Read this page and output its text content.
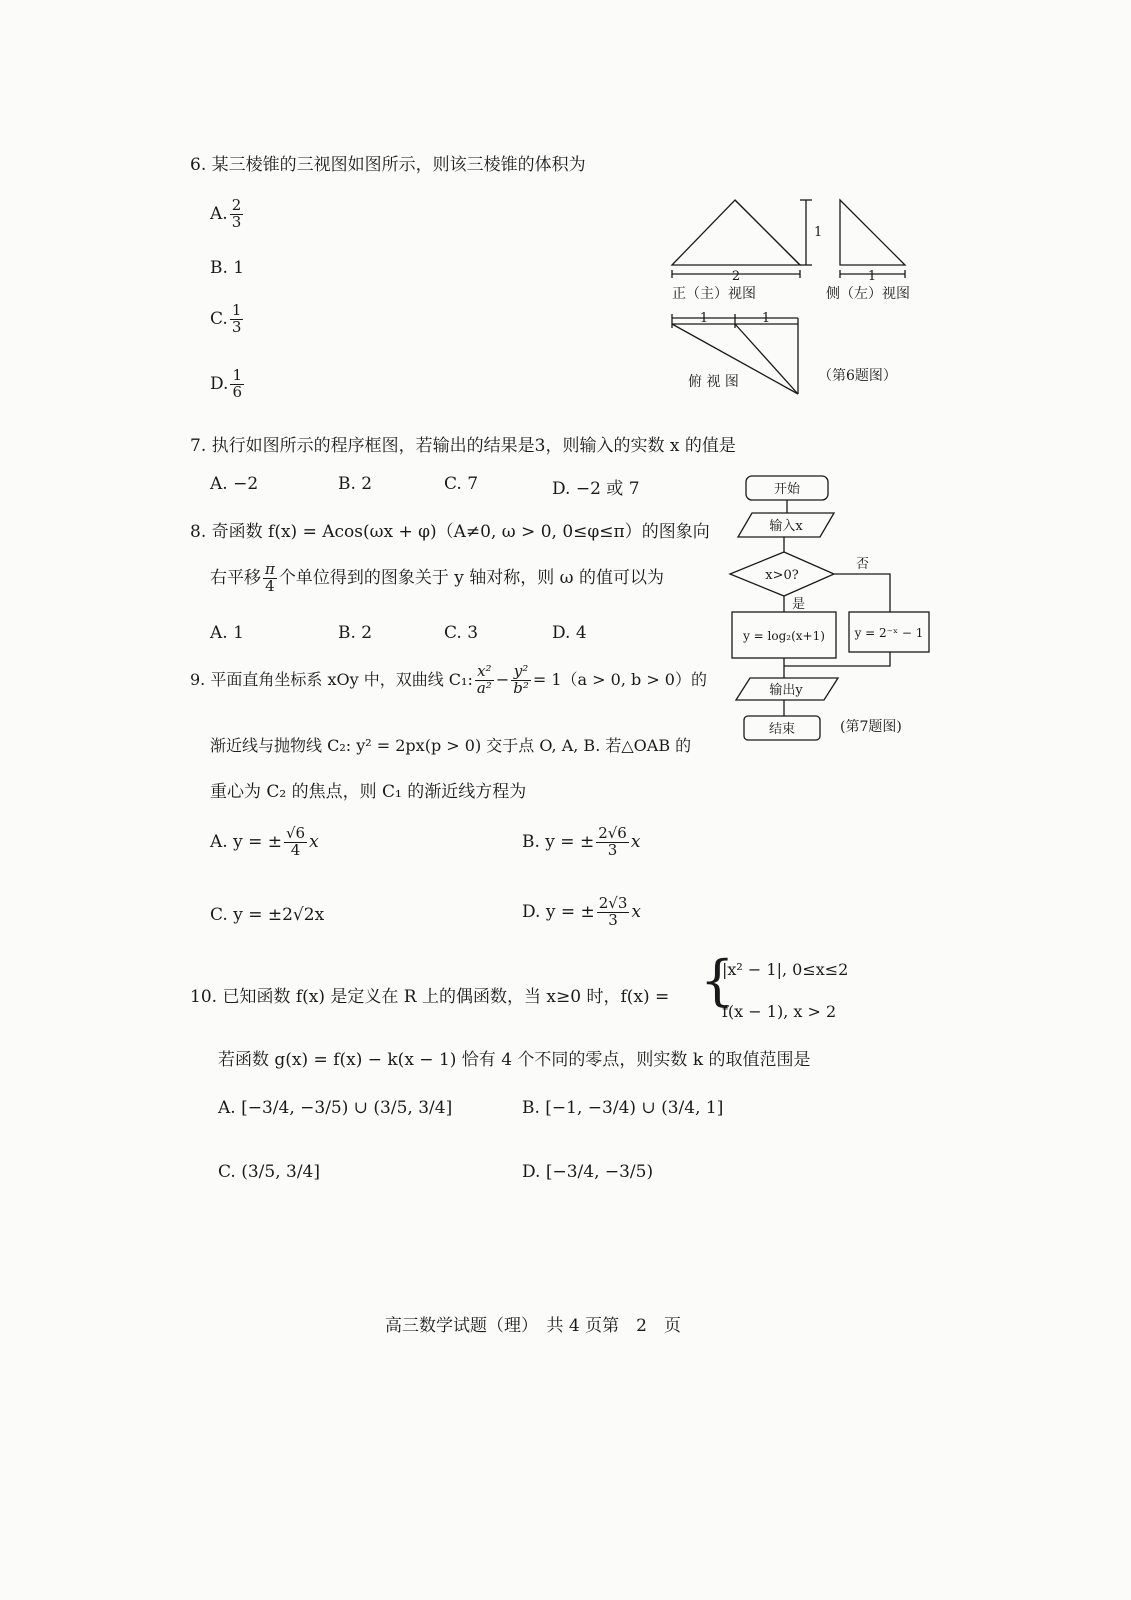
6. 某三棱锥的三视图如图所示，则该三棱锥的体积为
A. $\frac{2}{3}$
B. 1
C. $\frac{1}{3}$
D. $\frac{1}{6}$
2
1
1
1	1
正（主）视图	侧（左）视图
俯 视 图	（第6题图）
7. 执行如图所示的程序框图，若输出的结果是3，则输入的实数 x 的值是
A. −2	B. 2	C. 7	D. −2 或 7	开始
输入x
x>0?
否
是
y = log₂(x+1) y = 2⁻ˣ − 1
输出y
结束	(第7题图)
8. 奇函数 f(x) = Acos(ωx + φ)（A≠0, ω > 0, 0≤φ≤π）的图象向
右平移 $\frac{\pi}{4}$ 个单位得到的图象关于 y 轴对称，则 ω 的值可以为
A. 1	B. 2	C. 3	D. 4
9. 平面直角坐标系 xOy 中，双曲线 C₁: $\frac{\text{x²}}{\text{a²}} - \frac{\text{y²}}{\text{b²}} = 1(a > 0$, b > 0）的
渐近线与抛物线 C₂: y² = 2px(p > 0) 交于点 O, A, B. 若△OAB 的
重心为 C₂ 的焦点，则 C₁ 的渐近线方程为
A. y = ± $\frac{√6}{4}$ x	B. y = ± $\frac{2√6}{3}$ x
C. y = ±2√2x	D. y = ± $\frac{2√3}{3}$ x
10. 已知函数 f(x) 是定义在 R 上的偶函数，当 x≥0 时，f(x) = {
|x² − 1|, 0≤x≤2
f(x − 1), x > 2
若函数 g(x) = f(x) − k(x − 1) 恰有 4 个不同的零点，则实数 k 的取值范围是
A. [−3/4, −3/5) ∪ (3/5, 3/4]	B. [−1, −3/4) ∪ (3/4, 1]
C. (3/5, 3/4]	D. [−3/4, −3/5)
高三数学试题（理）　共 4 页第　2　页
